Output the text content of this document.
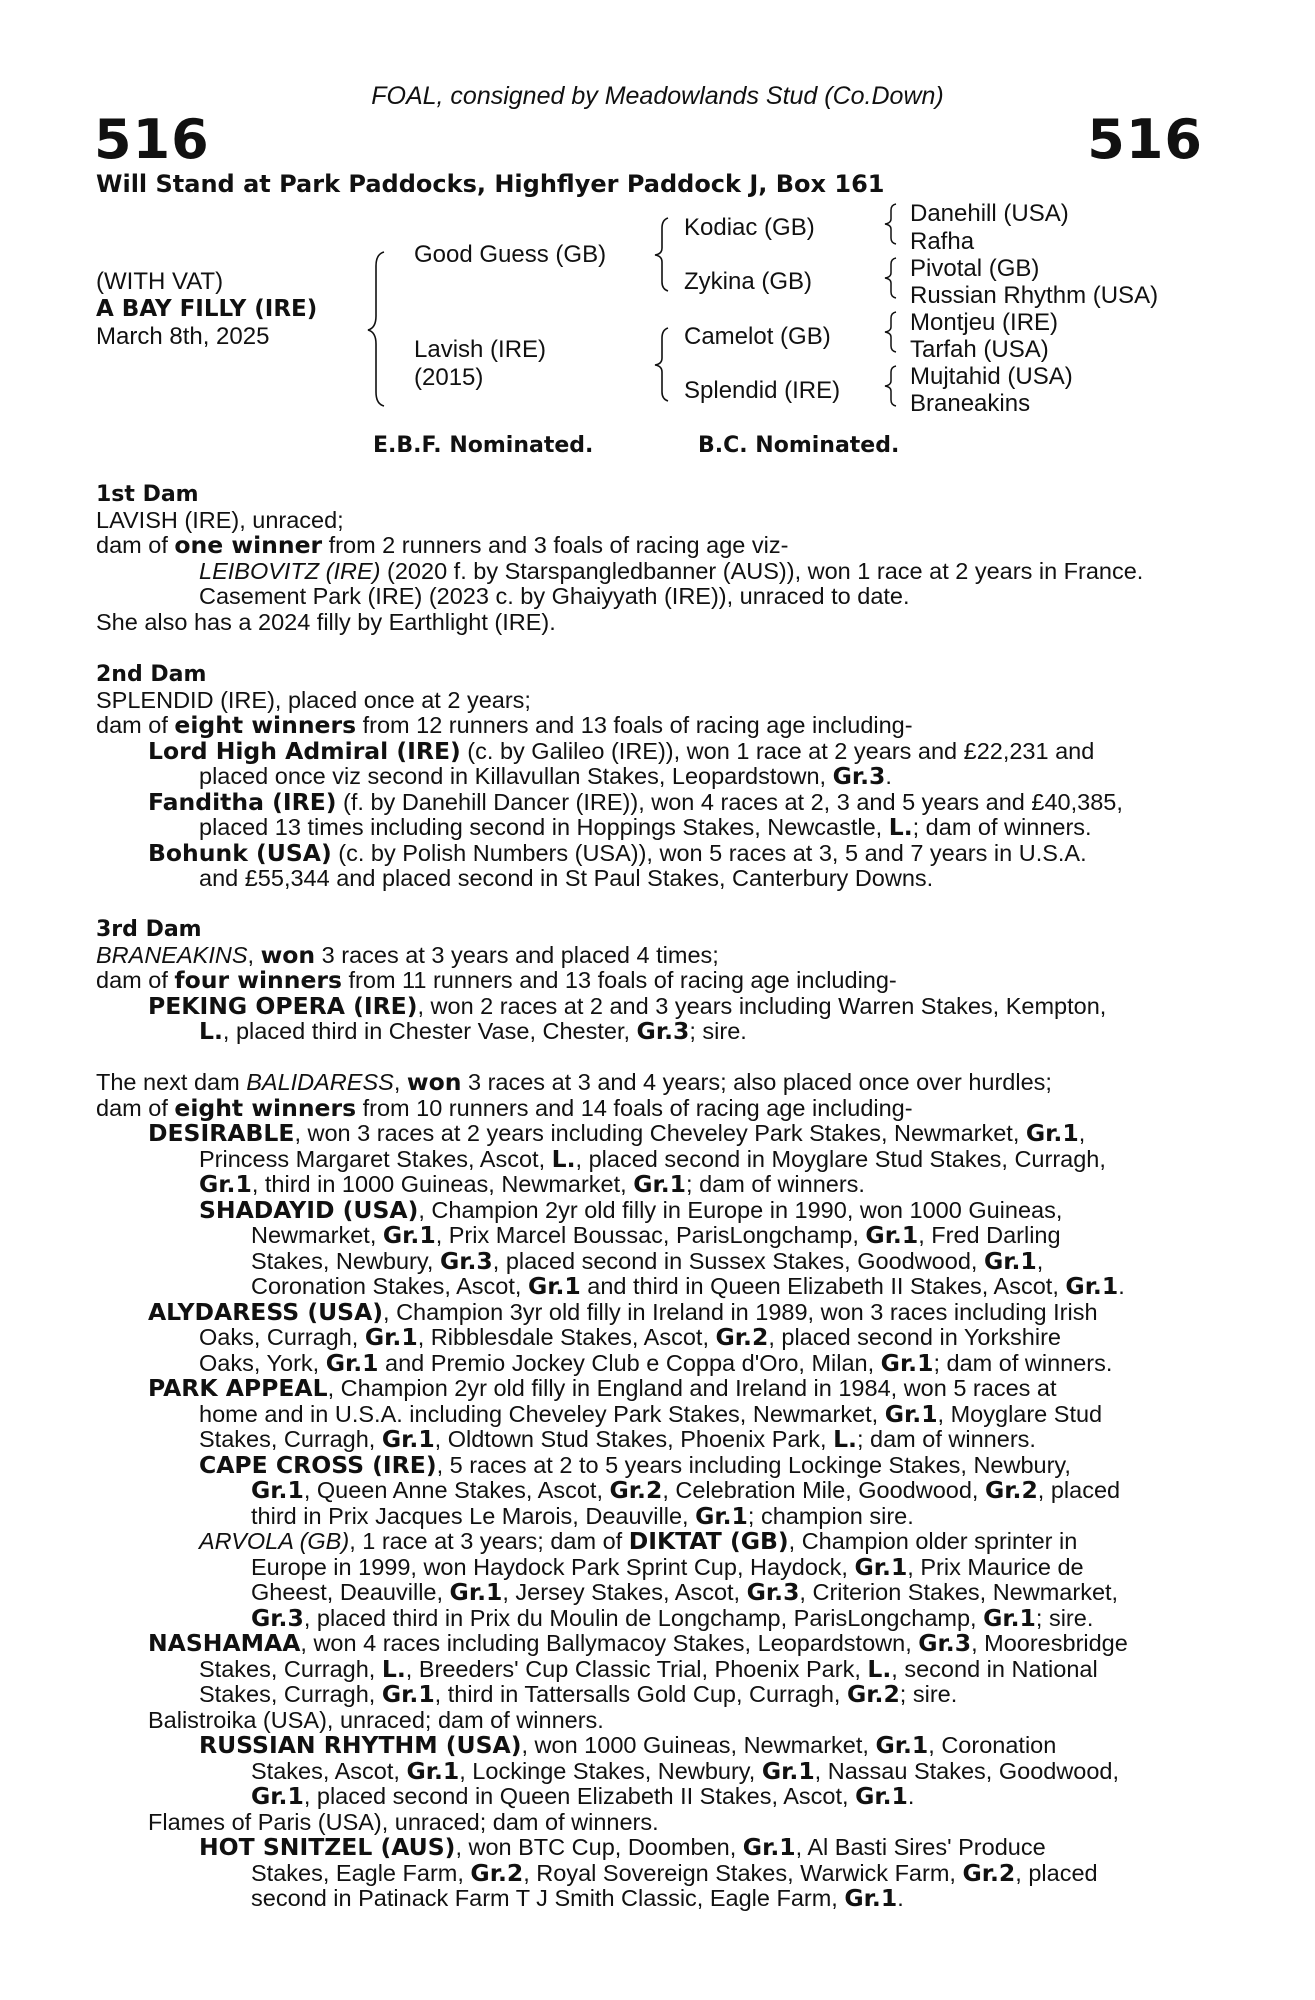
FOAL, consigned by Meadowlands Stud (Co.Down)
516	516
Will Stand at Park Paddocks, Highflyer Paddock J, Box 161
(WITH VAT)
A BAY FILLY (IRE)
March 8th, 2025
Good Guess (GB)
Lavish (IRE)
(2015)
Kodiac (GB)
Zykina (GB)
Camelot (GB)
Splendid (IRE)
Danehill (USA)
Rafha
Pivotal (GB)
Russian Rhythm (USA)
Montjeu (IRE)
Tarfah (USA)
Mujtahid (USA)
Braneakins
E.B.F. Nominated.	B.C. Nominated.

1st Dam

LAVISH (IRE), unraced;

dam of one winner from 2 runners and 3 foals of racing age viz-

LEIBOVITZ (IRE) (2020 f. by Starspangledbanner (AUS)), won 1 race at 2 years in France.

Casement Park (IRE) (2023 c. by Ghaiyyath (IRE)), unraced to date.

She also has a 2024 filly by Earthlight (IRE).

2nd Dam

SPLENDID (IRE), placed once at 2 years;

dam of eight winners from 12 runners and 13 foals of racing age including-

Lord High Admiral (IRE) (c. by Galileo (IRE)), won 1 race at 2 years and £22,231 and

placed once viz second in Killavullan Stakes, Leopardstown, Gr.3.

Fanditha (IRE) (f. by Danehill Dancer (IRE)), won 4 races at 2, 3 and 5 years and £40,385,

placed 13 times including second in Hoppings Stakes, Newcastle, L.; dam of winners.

Bohunk (USA) (c. by Polish Numbers (USA)), won 5 races at 3, 5 and 7 years in U.S.A.

and £55,344 and placed second in St Paul Stakes, Canterbury Downs.

3rd Dam

BRANEAKINS, won 3 races at 3 years and placed 4 times;

dam of four winners from 11 runners and 13 foals of racing age including-

PEKING OPERA (IRE), won 2 races at 2 and 3 years including Warren Stakes, Kempton,

L., placed third in Chester Vase, Chester, Gr.3; sire.

The next dam BALIDARESS, won 3 races at 3 and 4 years; also placed once over hurdles;

dam of eight winners from 10 runners and 14 foals of racing age including-

DESIRABLE, won 3 races at 2 years including Cheveley Park Stakes, Newmarket, Gr.1,

Princess Margaret Stakes, Ascot, L., placed second in Moyglare Stud Stakes, Curragh,

Gr.1, third in 1000 Guineas, Newmarket, Gr.1; dam of winners.

SHADAYID (USA), Champion 2yr old filly in Europe in 1990, won 1000 Guineas,

Newmarket, Gr.1, Prix Marcel Boussac, ParisLongchamp, Gr.1, Fred Darling

Stakes, Newbury, Gr.3, placed second in Sussex Stakes, Goodwood, Gr.1,

Coronation Stakes, Ascot, Gr.1 and third in Queen Elizabeth II Stakes, Ascot, Gr.1.

ALYDARESS (USA), Champion 3yr old filly in Ireland in 1989, won 3 races including Irish

Oaks, Curragh, Gr.1, Ribblesdale Stakes, Ascot, Gr.2, placed second in Yorkshire

Oaks, York, Gr.1 and Premio Jockey Club e Coppa d'Oro, Milan, Gr.1; dam of winners.

PARK APPEAL, Champion 2yr old filly in England and Ireland in 1984, won 5 races at

home and in U.S.A. including Cheveley Park Stakes, Newmarket, Gr.1, Moyglare Stud

Stakes, Curragh, Gr.1, Oldtown Stud Stakes, Phoenix Park, L.; dam of winners.

CAPE CROSS (IRE), 5 races at 2 to 5 years including Lockinge Stakes, Newbury,

Gr.1, Queen Anne Stakes, Ascot, Gr.2, Celebration Mile, Goodwood, Gr.2, placed

third in Prix Jacques Le Marois, Deauville, Gr.1; champion sire.

ARVOLA (GB), 1 race at 3 years; dam of DIKTAT (GB), Champion older sprinter in

Europe in 1999, won Haydock Park Sprint Cup, Haydock, Gr.1, Prix Maurice de

Gheest, Deauville, Gr.1, Jersey Stakes, Ascot, Gr.3, Criterion Stakes, Newmarket,

Gr.3, placed third in Prix du Moulin de Longchamp, ParisLongchamp, Gr.1; sire.

NASHAMAA, won 4 races including Ballymacoy Stakes, Leopardstown, Gr.3, Mooresbridge

Stakes, Curragh, L., Breeders' Cup Classic Trial, Phoenix Park, L., second in National

Stakes, Curragh, Gr.1, third in Tattersalls Gold Cup, Curragh, Gr.2; sire.

Balistroika (USA), unraced; dam of winners.

RUSSIAN RHYTHM (USA), won 1000 Guineas, Newmarket, Gr.1, Coronation

Stakes, Ascot, Gr.1, Lockinge Stakes, Newbury, Gr.1, Nassau Stakes, Goodwood,

Gr.1, placed second in Queen Elizabeth II Stakes, Ascot, Gr.1.

Flames of Paris (USA), unraced; dam of winners.

HOT SNITZEL (AUS), won BTC Cup, Doomben, Gr.1, Al Basti Sires' Produce

Stakes, Eagle Farm, Gr.2, Royal Sovereign Stakes, Warwick Farm, Gr.2, placed

second in Patinack Farm T J Smith Classic, Eagle Farm, Gr.1.
